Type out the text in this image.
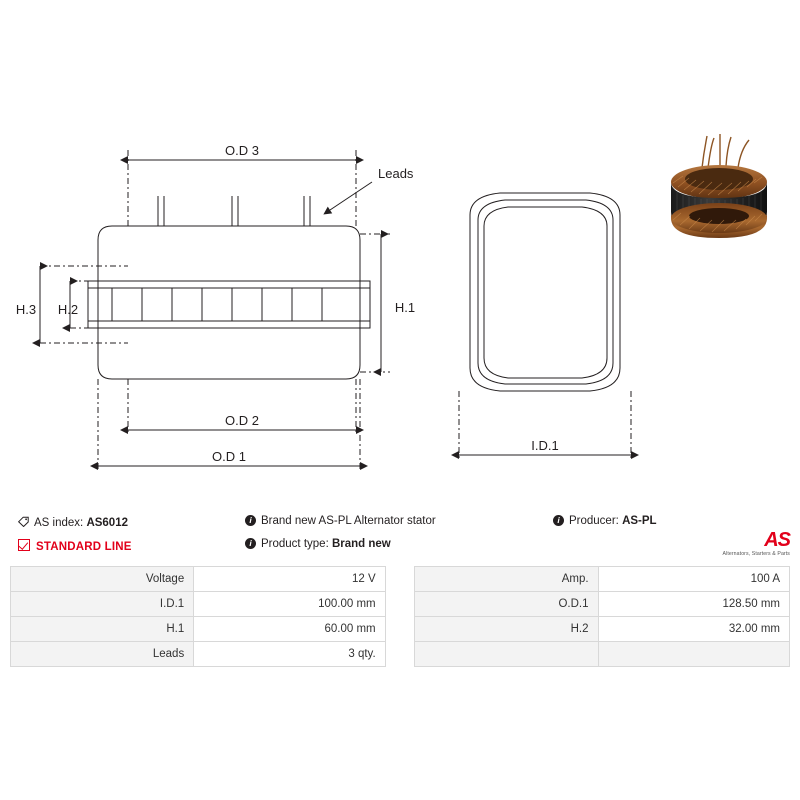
O.D 3
O.D 2
O.D 1
I.D.1
H.1
H.2
H.3
Leads
AS index: AS6012
STANDARD LINE
i Brand new AS-PL Alternator stator
i Product type: Brand new
i Producer: AS-PL
AS
Alternators, Starters & Parts
Voltage	12 V		Amp.	100 A
I.D.1	100.00 mm		O.D.1	128.50 mm
H.1	60.00 mm		H.2	32.00 mm
Leads	3 qty.			
